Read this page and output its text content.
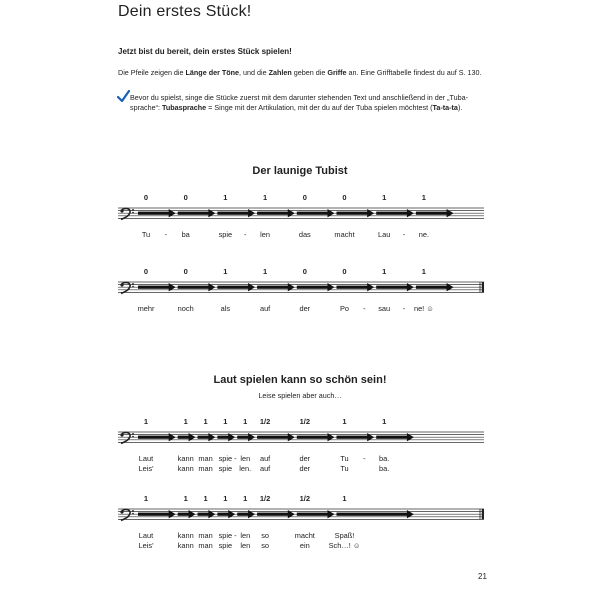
Dein erstes Stück!
Jetzt bist du bereit, dein erstes Stück spielen!
Die Pfeile zeigen die Länge der Töne, und die Zahlen geben die Griffe an. Eine Grifftabelle findest du auf S. 130.
Bevor du spielst, singe die Stücke zuerst mit dem darunter stehenden Text und anschließend in der „Tuba-
sprache“: Tubasprache = Singe mit der Artikulation, mit der du auf der Tuba spielen möchtest (Ta-ta-ta).
Der launige Tubist
0
Tu -
0
ba
1
spie -
1
len
0
das
0
macht
1
Lau -
1
ne.
0
mehr
0
noch
1
als
1
auf
0
der
0
Po -
1
sau -
1
ne! ☺
Laut spielen kann so schön sein!
Leise spielen aber auch…
1
Laut
Leis'
1
kann
kann
1
man
man
1
spie -
spie
1
len
len.
1/2
auf
auf
1/2
der
der
1
Tu -
Tu
1
ba.
ba.
1
Laut
Leis'
1
kann
kann
1
man
man
1
spie -
spie
1
len
len
1/2
so
so
1/2
macht
ein
1
Spaß!
Sch…! ☺
21
